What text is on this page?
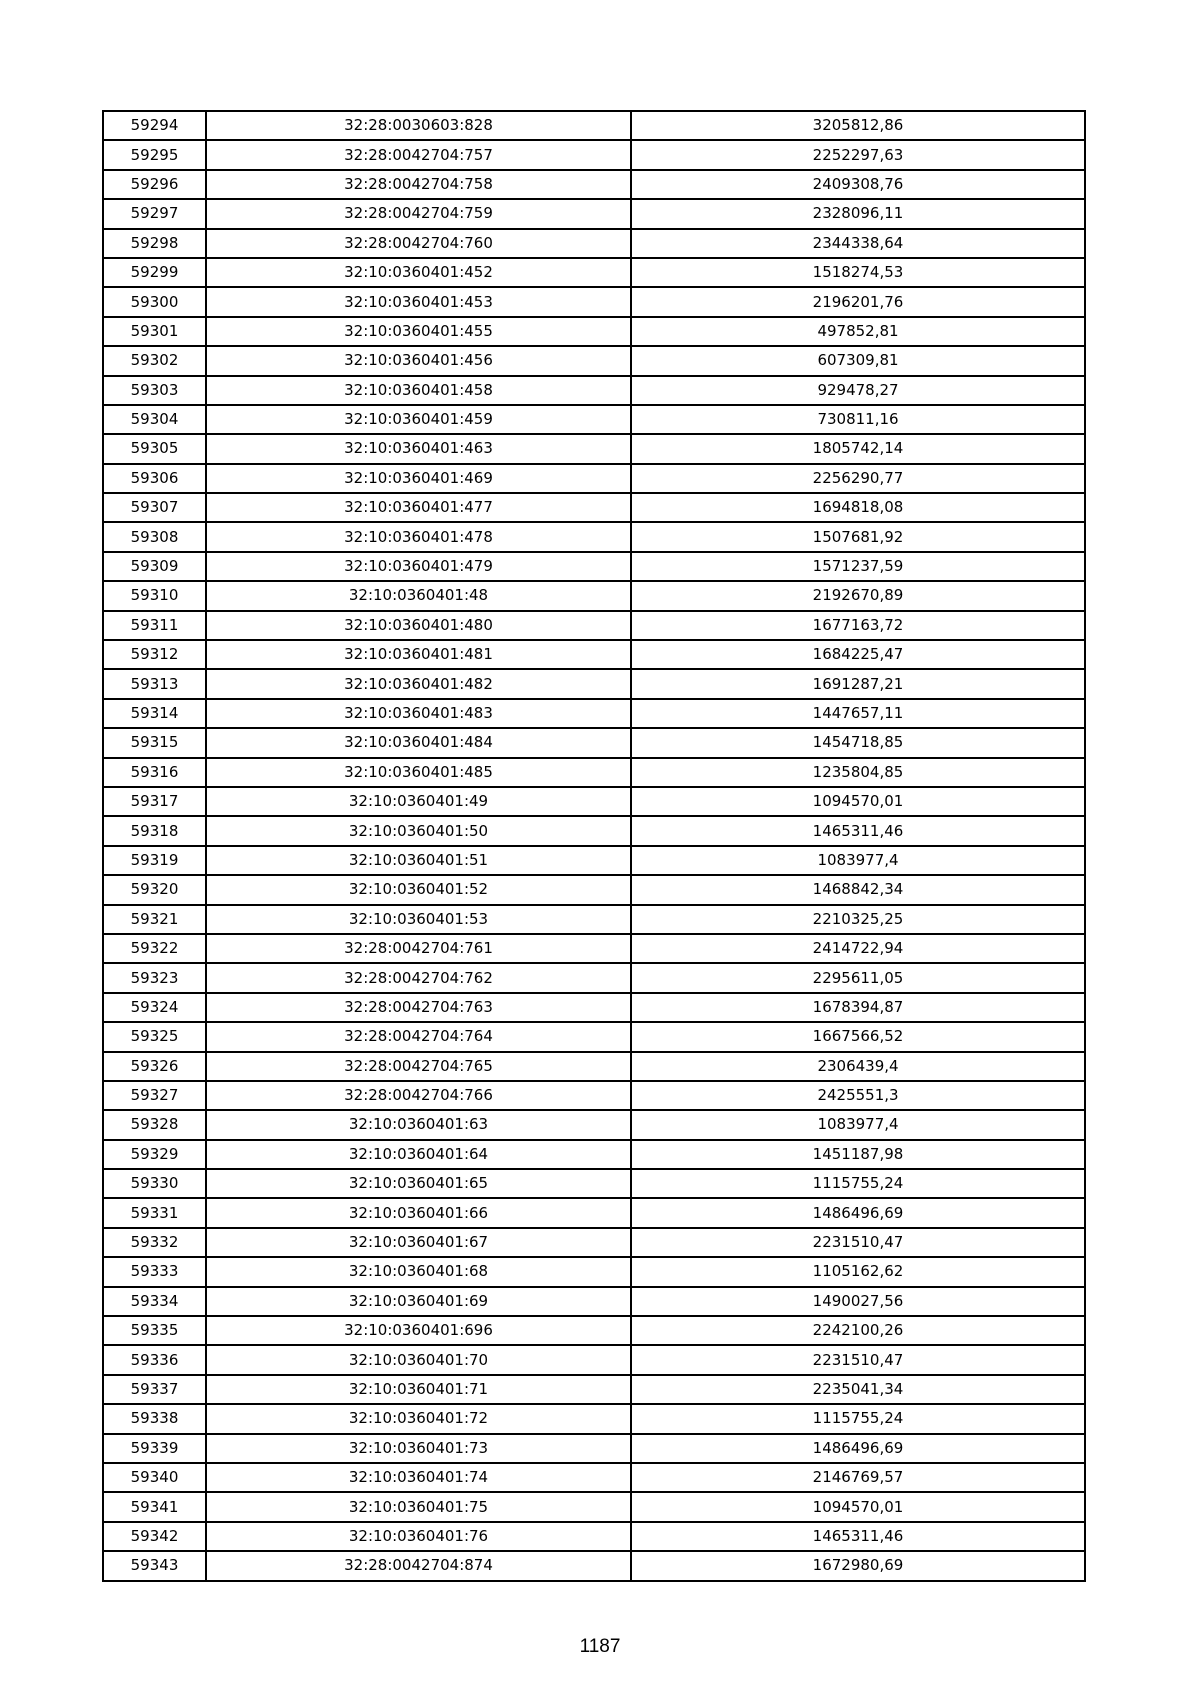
59294	32:28:0030603:828	3205812,86
59295	32:28:0042704:757	2252297,63
59296	32:28:0042704:758	2409308,76
59297	32:28:0042704:759	2328096,11
59298	32:28:0042704:760	2344338,64
59299	32:10:0360401:452	1518274,53
59300	32:10:0360401:453	2196201,76
59301	32:10:0360401:455	497852,81
59302	32:10:0360401:456	607309,81
59303	32:10:0360401:458	929478,27
59304	32:10:0360401:459	730811,16
59305	32:10:0360401:463	1805742,14
59306	32:10:0360401:469	2256290,77
59307	32:10:0360401:477	1694818,08
59308	32:10:0360401:478	1507681,92
59309	32:10:0360401:479	1571237,59
59310	32:10:0360401:48	2192670,89
59311	32:10:0360401:480	1677163,72
59312	32:10:0360401:481	1684225,47
59313	32:10:0360401:482	1691287,21
59314	32:10:0360401:483	1447657,11
59315	32:10:0360401:484	1454718,85
59316	32:10:0360401:485	1235804,85
59317	32:10:0360401:49	1094570,01
59318	32:10:0360401:50	1465311,46
59319	32:10:0360401:51	1083977,4
59320	32:10:0360401:52	1468842,34
59321	32:10:0360401:53	2210325,25
59322	32:28:0042704:761	2414722,94
59323	32:28:0042704:762	2295611,05
59324	32:28:0042704:763	1678394,87
59325	32:28:0042704:764	1667566,52
59326	32:28:0042704:765	2306439,4
59327	32:28:0042704:766	2425551,3
59328	32:10:0360401:63	1083977,4
59329	32:10:0360401:64	1451187,98
59330	32:10:0360401:65	1115755,24
59331	32:10:0360401:66	1486496,69
59332	32:10:0360401:67	2231510,47
59333	32:10:0360401:68	1105162,62
59334	32:10:0360401:69	1490027,56
59335	32:10:0360401:696	2242100,26
59336	32:10:0360401:70	2231510,47
59337	32:10:0360401:71	2235041,34
59338	32:10:0360401:72	1115755,24
59339	32:10:0360401:73	1486496,69
59340	32:10:0360401:74	2146769,57
59341	32:10:0360401:75	1094570,01
59342	32:10:0360401:76	1465311,46
59343	32:28:0042704:874	1672980,69
1187
